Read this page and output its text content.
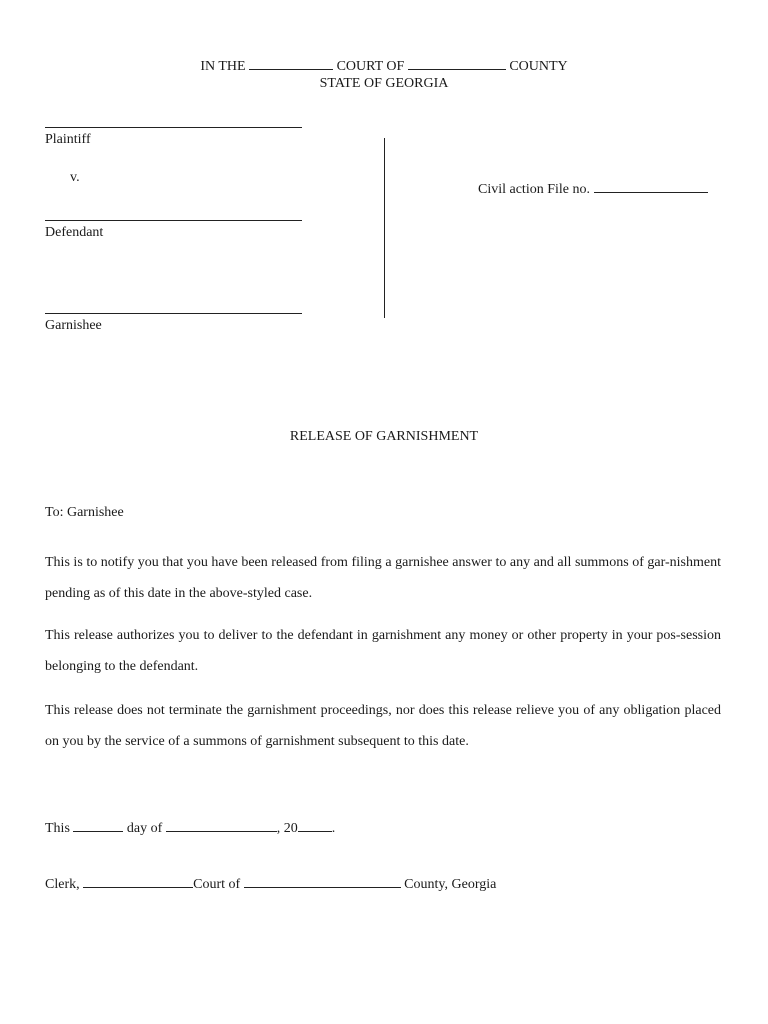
IN THE	COURT OF	COUNTY
STATE OF GEORGIA
Plaintiff
v.
Defendant
Garnishee
Civil action File no.
RELEASE OF GARNISHMENT
To: Garnishee
This is to notify you that you have been released from filing a garnishee answer to any and all summons of gar-nishment pending as of this date in the above-styled case.
This release authorizes you to deliver to the defendant in garnishment any money or other property in your pos-session belonging to the defendant.
This release does not terminate the garnishment proceedings, nor does this release relieve you of any obligation placed on you by the service of a summons of garnishment subsequent to this date.
This	day of	, 20 .
Clerk,	Court of	County, Georgia
